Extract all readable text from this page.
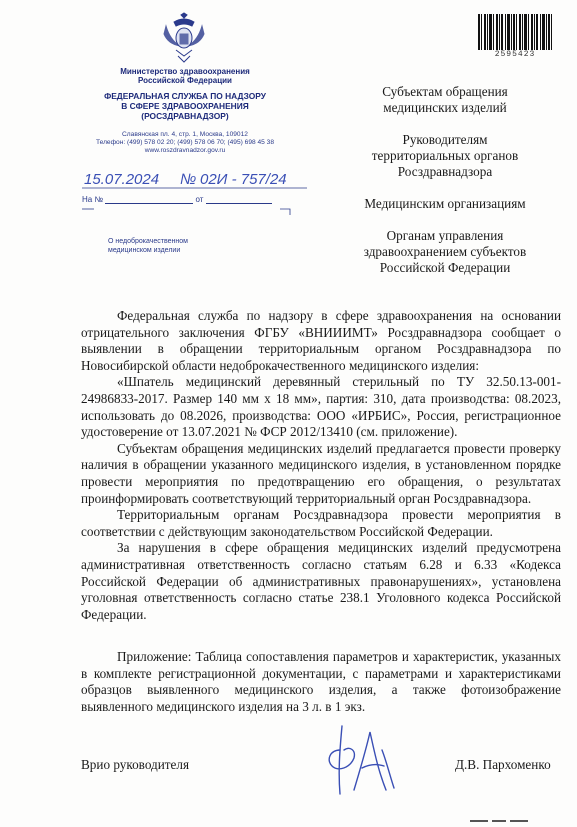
2595423
Министерство здравоохранения
Российской Федерации
ФЕДЕРАЛЬНАЯ СЛУЖБА ПО НАДЗОРУ
В СФЕРЕ ЗДРАВООХРАНЕНИЯ
(РОСЗДРАВНАДЗОР)
Славянская пл. 4, стр. 1, Москва, 109012
Телефон: (499) 578 02 20; (499) 578 06 70; (495) 698 45 38
www.roszdravnadzor.gov.ru
15.07.2024 № 02И - 757/24
На №	от
О недоброкачественном
медицинском изделии
Субъектам обращения
медицинских изделий
Руководителям
территориальных органов
Росздравнадзора
Медицинским организациям
Органам управления
здравоохранением субъектов
Российской Федерации

Федеральная служба по надзору в сфере здравоохранения на основании отрицательного заключения ФГБУ «ВНИИИМТ» Росздравнадзора сообщает о выявлении в обращении территориальным органом Росздравнадзора по Новосибирской области недоброкачественного медицинского изделия:

«Шпатель медицинский деревянный стерильный по ТУ 32.50.13-001-24986833-2017. Размер 140 мм х 18 мм», партия: 310, дата производства: 08.2023, использовать до 08.2026, производства: ООО «ИРБИС», Россия, регистрационное удостоверение от 13.07.2021 № ФСР 2012/13410 (см. приложение).

Субъектам обращения медицинских изделий предлагается провести проверку наличия в обращении указанного медицинского изделия, в установленном порядке провести мероприятия по предотвращению его обращения, о результатах проинформировать соответствующий территориальный орган Росздравнадзора.

Территориальным органам Росздравнадзора провести мероприятия в соответствии с действующим законодательством Российской Федерации.

За нарушения в сфере обращения медицинских изделий предусмотрена административная ответственность согласно статьям 6.28 и 6.33 «Кодекса Российской Федерации об административных правонарушениях», установлена уголовная ответственность согласно статье 238.1 Уголовного кодекса Российской Федерации.

Приложение: Таблица сопоставления параметров и характеристик, указанных в комплекте регистрационной документации, с параметрами и характеристиками образцов выявленного медицинского изделия, а также фотоизображение выявленного медицинского изделия на 3 л. в 1 экз.

Врио руководителя	Д.В. Пархоменко
